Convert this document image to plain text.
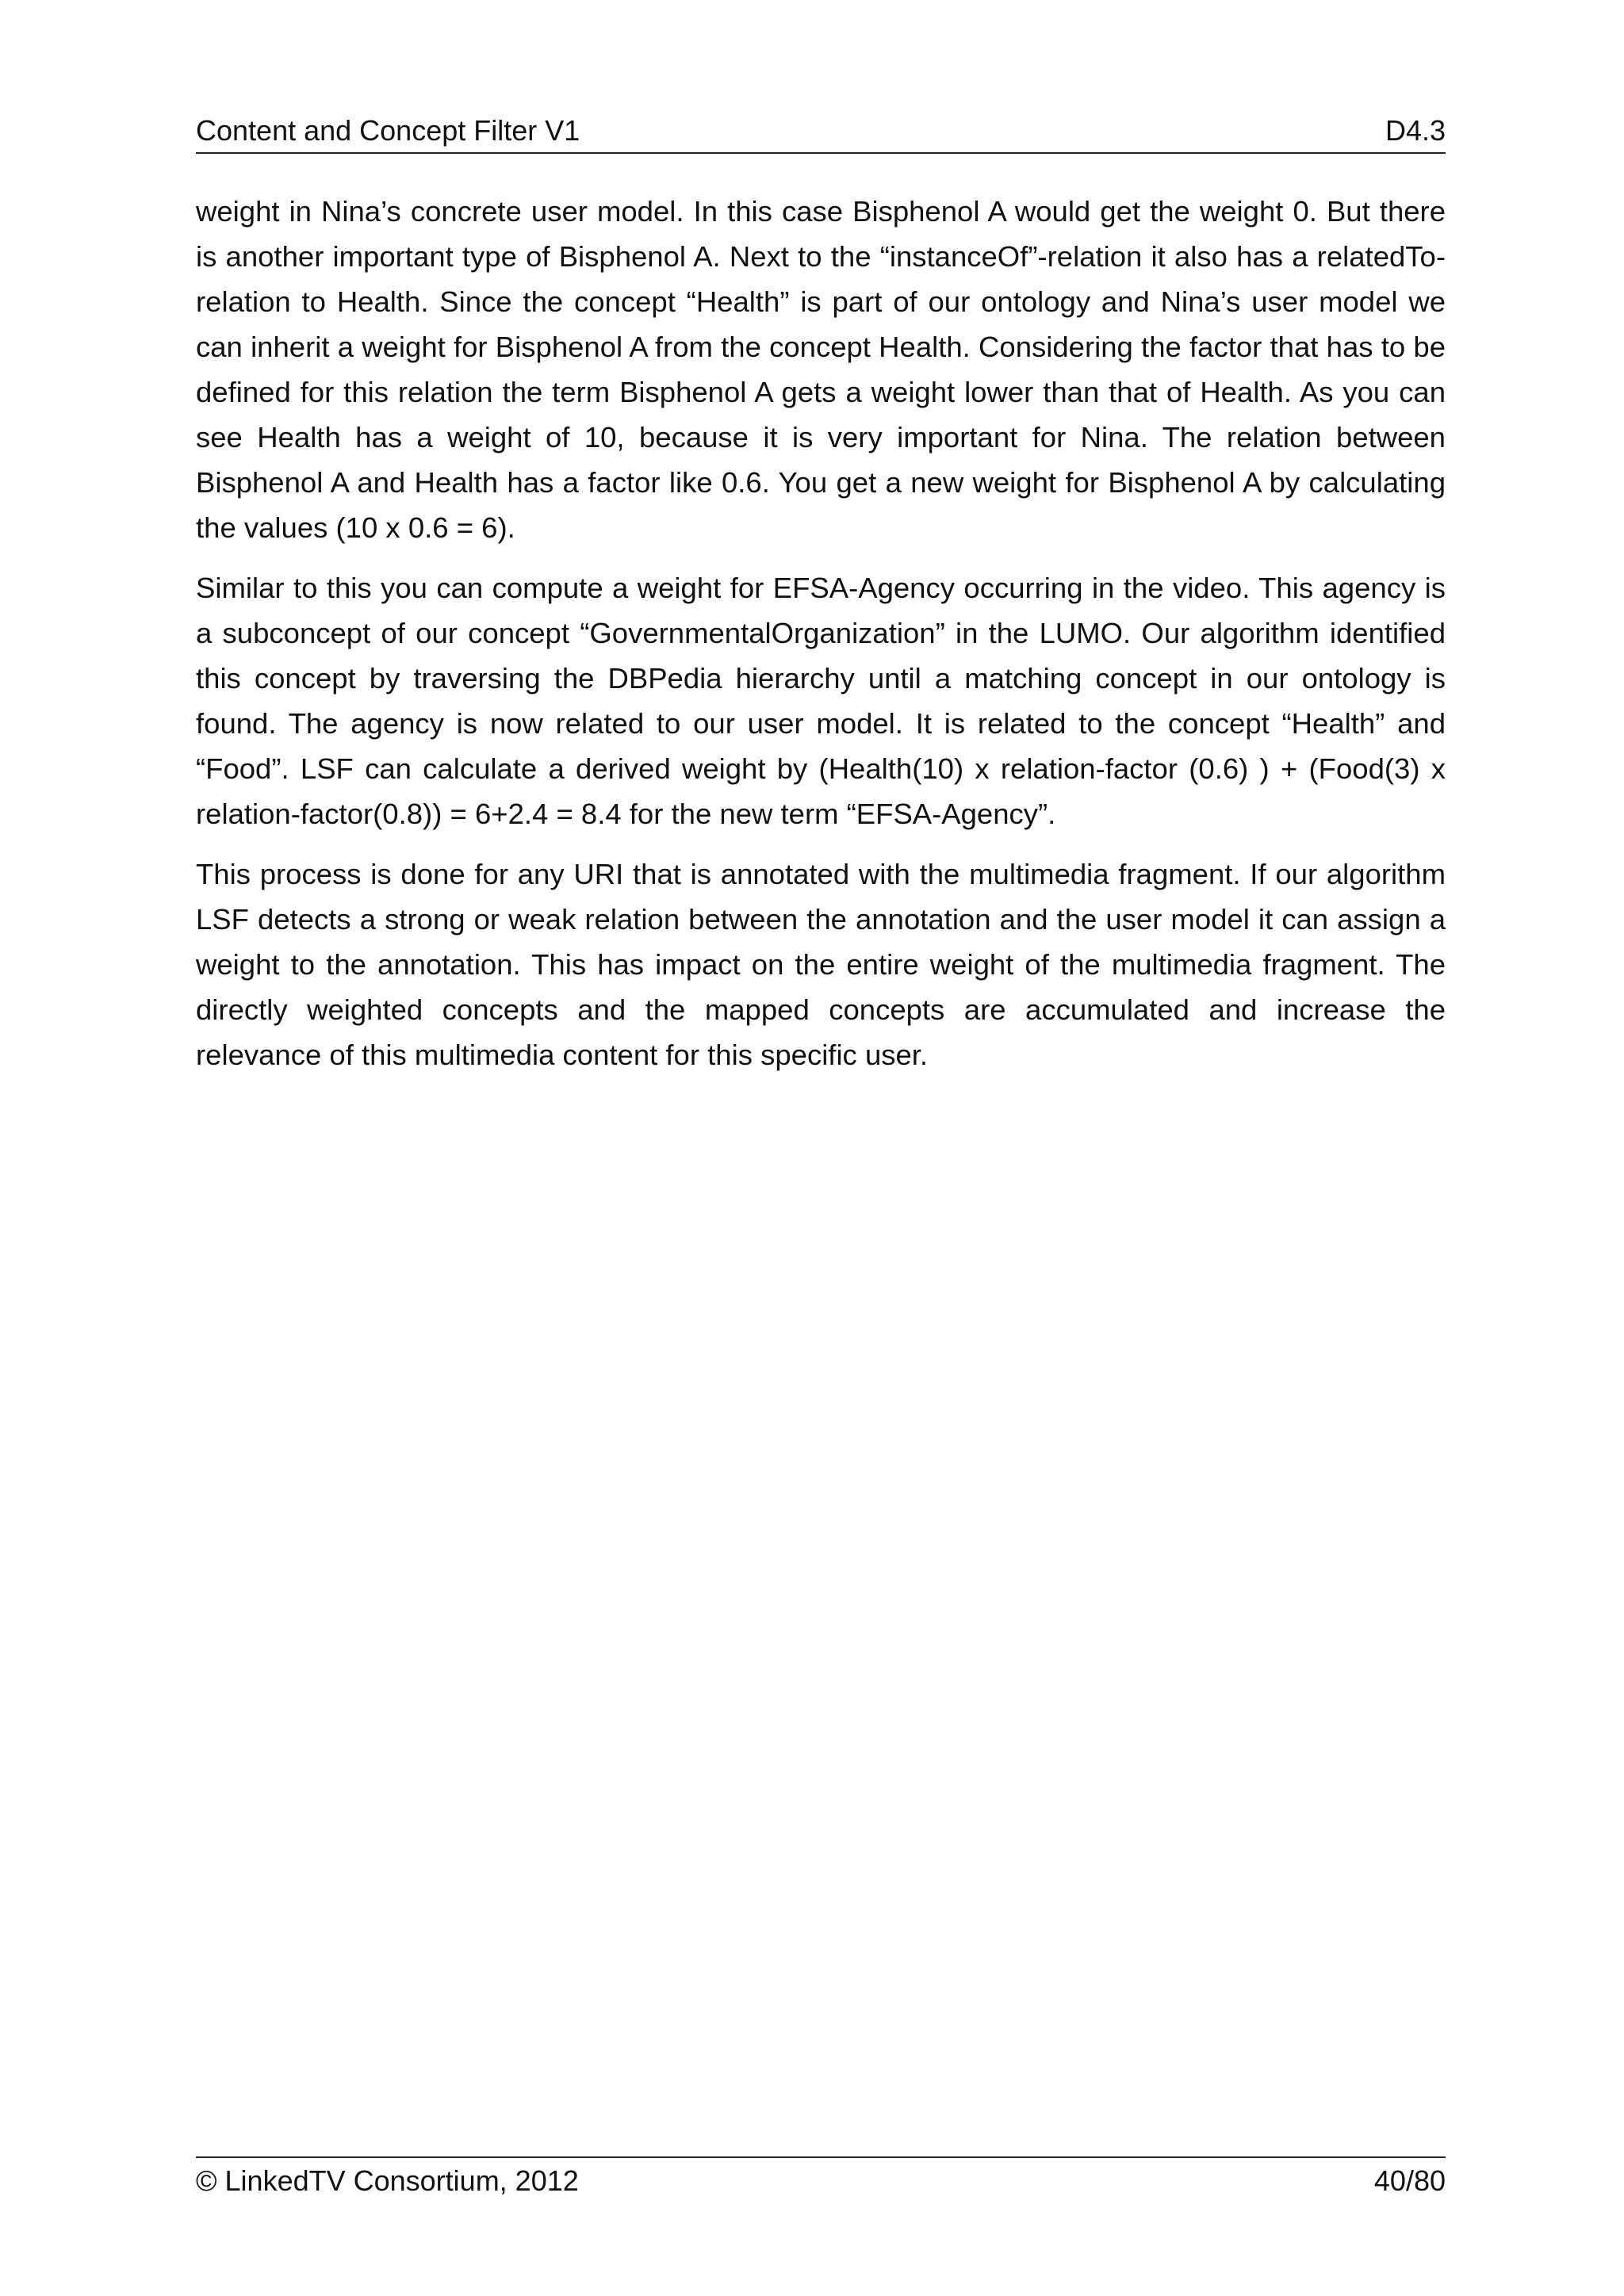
Content and Concept Filter V1	D4.3

weight in Nina’s concrete user model. In this case Bisphenol A would get the weight 0. But there is another important type of Bisphenol A. Next to the “instanceOf”-relation it also has a relatedTo-relation to Health. Since the concept “Health” is part of our ontology and Nina’s user model we can inherit a weight for Bisphenol A from the concept Health. Considering the factor that has to be defined for this relation the term Bisphenol A gets a weight lower than that of Health. As you can see Health has a weight of 10, because it is very important for Nina. The relation between Bisphenol A and Health has a factor like 0.6. You get a new weight for Bisphenol A by calculating the values (10 x 0.6 = 6).

Similar to this you can compute a weight for EFSA-Agency occurring in the video. This agency is a subconcept of our concept “GovernmentalOrganization” in the LUMO. Our algorithm identified this concept by traversing the DBPedia hierarchy until a matching concept in our ontology is found. The agency is now related to our user model. It is related to the concept “Health” and “Food”. LSF can calculate a derived weight by (Health(10) x relation-factor (0.6) ) + (Food(3) x relation-factor(0.8)) = 6+2.4 = 8.4 for the new term “EFSA-Agency”.

This process is done for any URI that is annotated with the multimedia fragment. If our algorithm LSF detects a strong or weak relation between the annotation and the user model it can assign a weight to the annotation. This has impact on the entire weight of the multimedia fragment. The directly weighted concepts and the mapped concepts are accumulated and increase the relevance of this multimedia content for this specific user.

© LinkedTV Consortium, 2012	40/80
